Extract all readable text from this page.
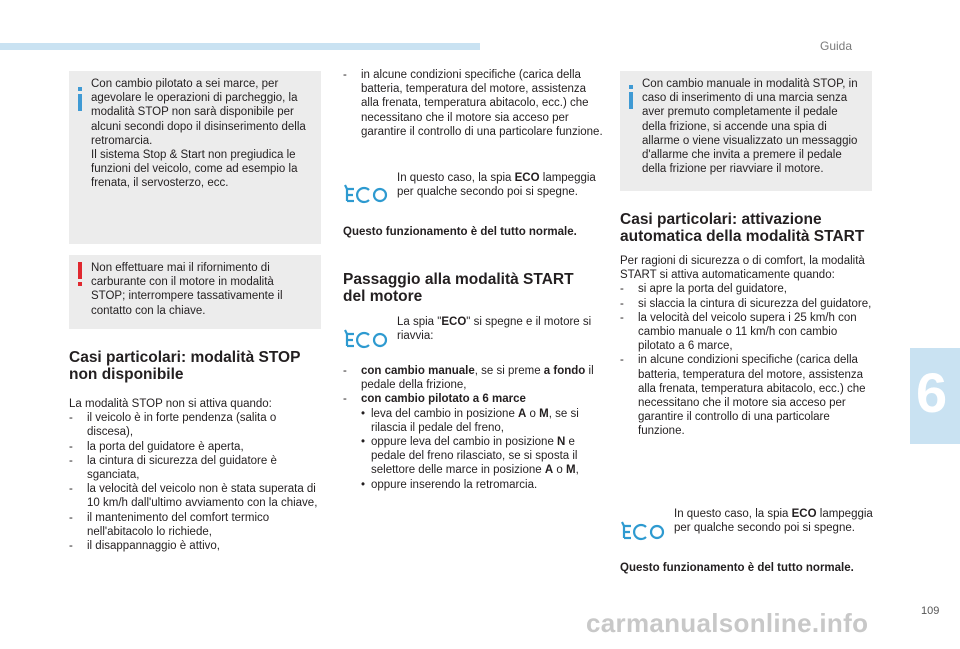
Guida

Con cambio pilotato a sei marce, per

agevolare le operazioni di parcheggio, la

modalità STOP non sarà disponibile per

alcuni secondi dopo il disinserimento della

retromarcia.

Il sistema Stop & Start non pregiudica le

funzioni del veicolo, come ad esempio la

frenata, il servosterzo, ecc.

Non effettuare mai il rifornimento di

carburante con il motore in modalità

STOP; interrompere tassativamente il

contatto con la chiave.

Casi particolari: modalità STOP
non disponibile

La modalità STOP non si attiva quando:

- il veicolo è in forte pendenza (salita o discesa),
- la porta del guidatore è aperta,
- la cintura di sicurezza del guidatore è sganciata,
- la velocità del veicolo non è stata superata di 10 km/h dall'ultimo avviamento con la chiave,
- il mantenimento del comfort termico nell'abitacolo lo richiede,
- il disappannaggio è attivo,
- in alcune condizioni specifiche (carica della batteria, temperatura del motore, assistenza alla frenata, temperatura abitacolo, ecc.) che necessitano che il motore sia acceso per garantire il controllo di una particolare funzione.
In questo caso, la spia ECO lampeggia per qualche secondo poi si spegne.
Questo funzionamento è del tutto normale.
Passaggio alla modalità START
del motore
La spia "ECO" si spegne e il motore si riavvia:
- con cambio manuale, se si preme a fondo il pedale della frizione,
- con cambio pilotato a 6 marce
• leva del cambio in posizione A o M, se si rilascia il pedale del freno,
• oppure leva del cambio in posizione N e pedale del freno rilasciato, se si sposta il selettore delle marce in posizione A o M,
• oppure inserendo la retromarcia.

Con cambio manuale in modalità STOP, in

caso di inserimento di una marcia senza

aver premuto completamente il pedale

della frizione, si accende una spia di

allarme o viene visualizzato un messaggio

d'allarme che invita a premere il pedale

della frizione per riavviare il motore.

Casi particolari: attivazione
automatica della modalità START

Per ragioni di sicurezza o di comfort, la modalità START si attiva automaticamente quando:

- si apre la porta del guidatore,
- si slaccia la cintura di sicurezza del guidatore,
- la velocità del veicolo supera i 25 km/h con cambio manuale o 11 km/h con cambio pilotato a 6 marce,
- in alcune condizioni specifiche (carica della batteria, temperatura del motore, assistenza alla frenata, temperatura abitacolo, ecc.) che necessitano che il motore sia acceso per garantire il controllo di una particolare funzione.
In questo caso, la spia ECO lampeggia per qualche secondo poi si spegne.
Questo funzionamento è del tutto normale.
6
109
carmanualsonline.info
